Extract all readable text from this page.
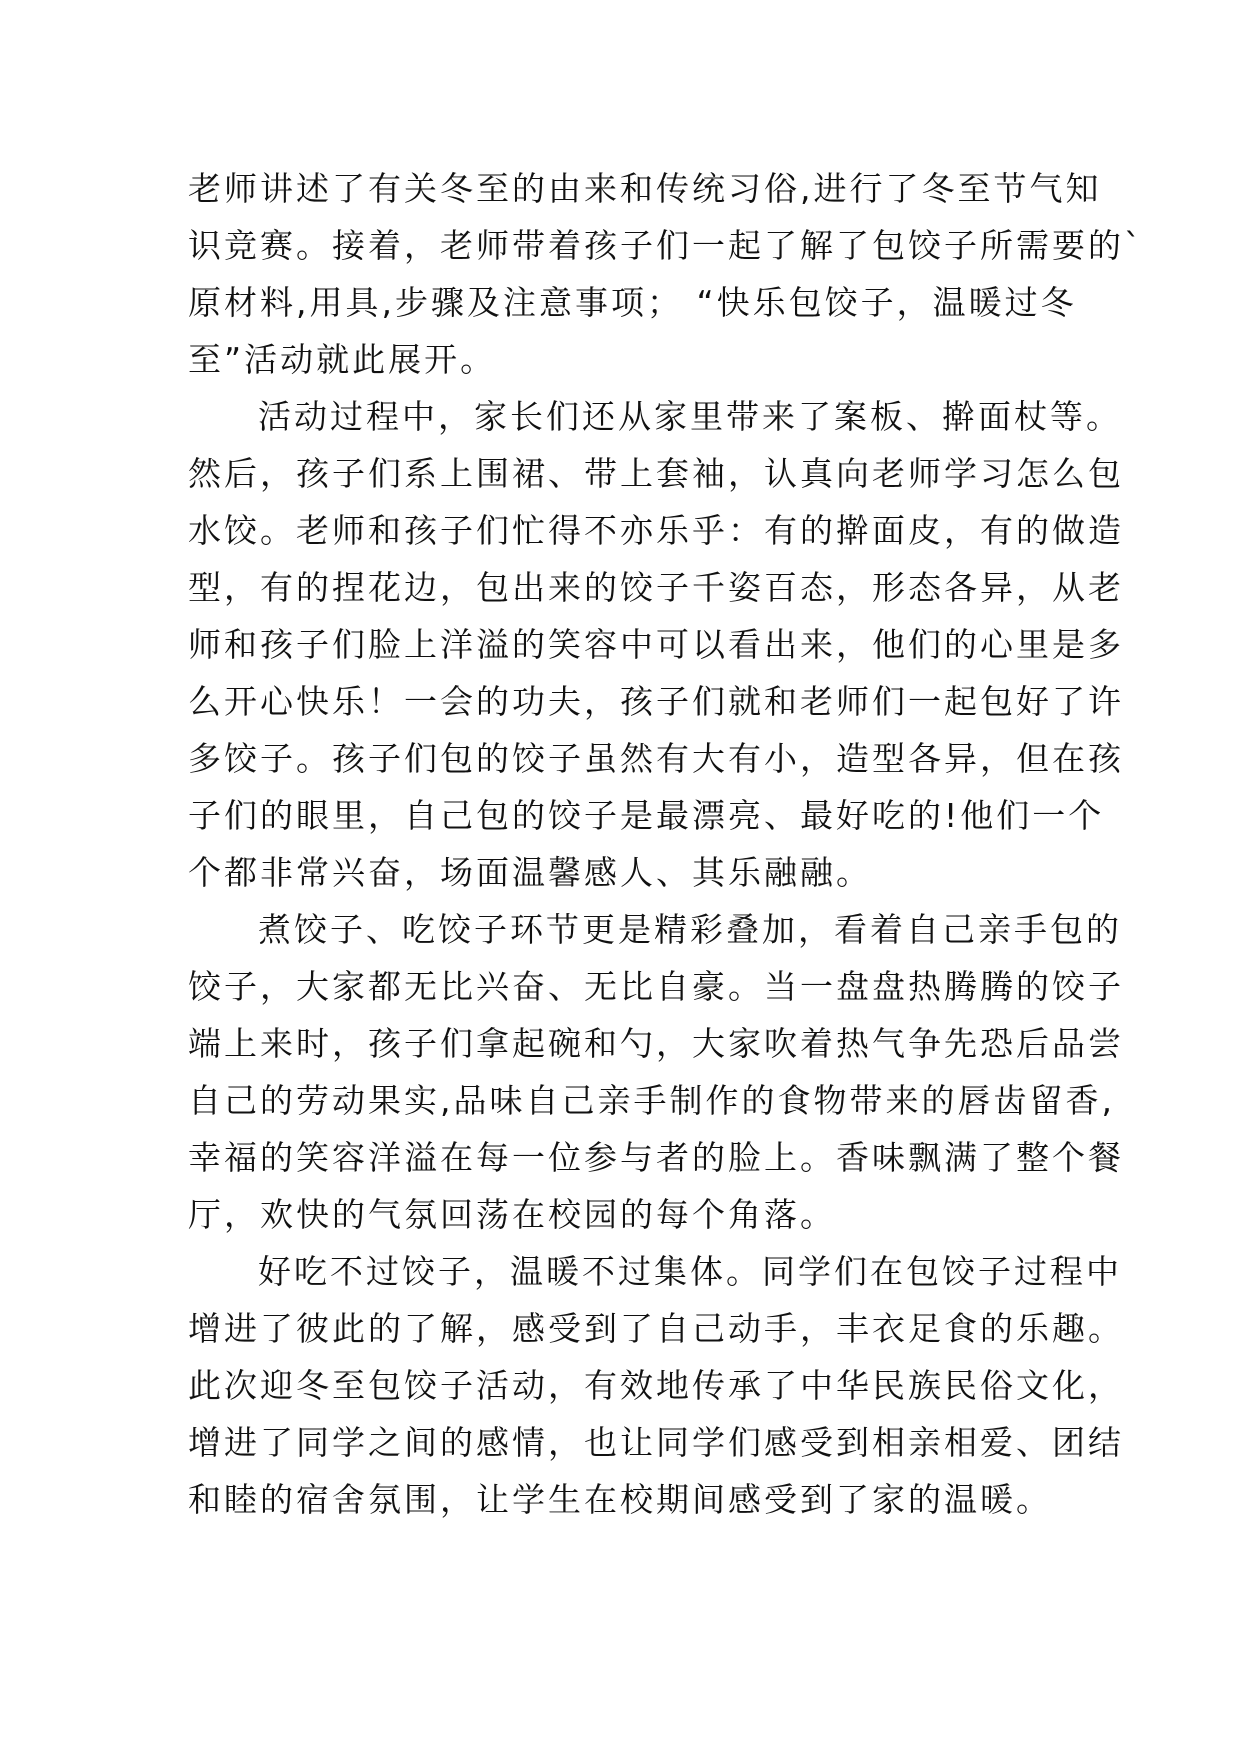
老师讲述了有关冬至的由来和传统习俗,进行了冬至节气知
识竞赛。接着，老师带着孩子们一起了解了包饺子所需要的`
原材料,用具,步骤及注意事项； “快乐包饺子，温暖过冬
至”活动就此展开。
活动过程中，家长们还从家里带来了案板、擀面杖等。
然后，孩子们系上围裙、带上套袖，认真向老师学习怎么包
水饺。老师和孩子们忙得不亦乐乎：有的擀面皮，有的做造
型，有的捏花边，包出来的饺子千姿百态，形态各异，从老
师和孩子们脸上洋溢的笑容中可以看出来，他们的心里是多
么开心快乐！一会的功夫，孩子们就和老师们一起包好了许
多饺子。孩子们包的饺子虽然有大有小，造型各异，但在孩
子们的眼里，自己包的饺子是最漂亮、最好吃的!他们一个
个都非常兴奋，场面温馨感人、其乐融融。
煮饺子、吃饺子环节更是精彩叠加，看着自己亲手包的
饺子，大家都无比兴奋、无比自豪。当一盘盘热腾腾的饺子
端上来时，孩子们拿起碗和勺，大家吹着热气争先恐后品尝
自己的劳动果实,品味自己亲手制作的食物带来的唇齿留香,
幸福的笑容洋溢在每一位参与者的脸上。香味飘满了整个餐
厅，欢快的气氛回荡在校园的每个角落。
好吃不过饺子，温暖不过集体。同学们在包饺子过程中
增进了彼此的了解，感受到了自己动手，丰衣足食的乐趣。
此次迎冬至包饺子活动，有效地传承了中华民族民俗文化，
增进了同学之间的感情，也让同学们感受到相亲相爱、团结
和睦的宿舍氛围，让学生在校期间感受到了家的温暖。
